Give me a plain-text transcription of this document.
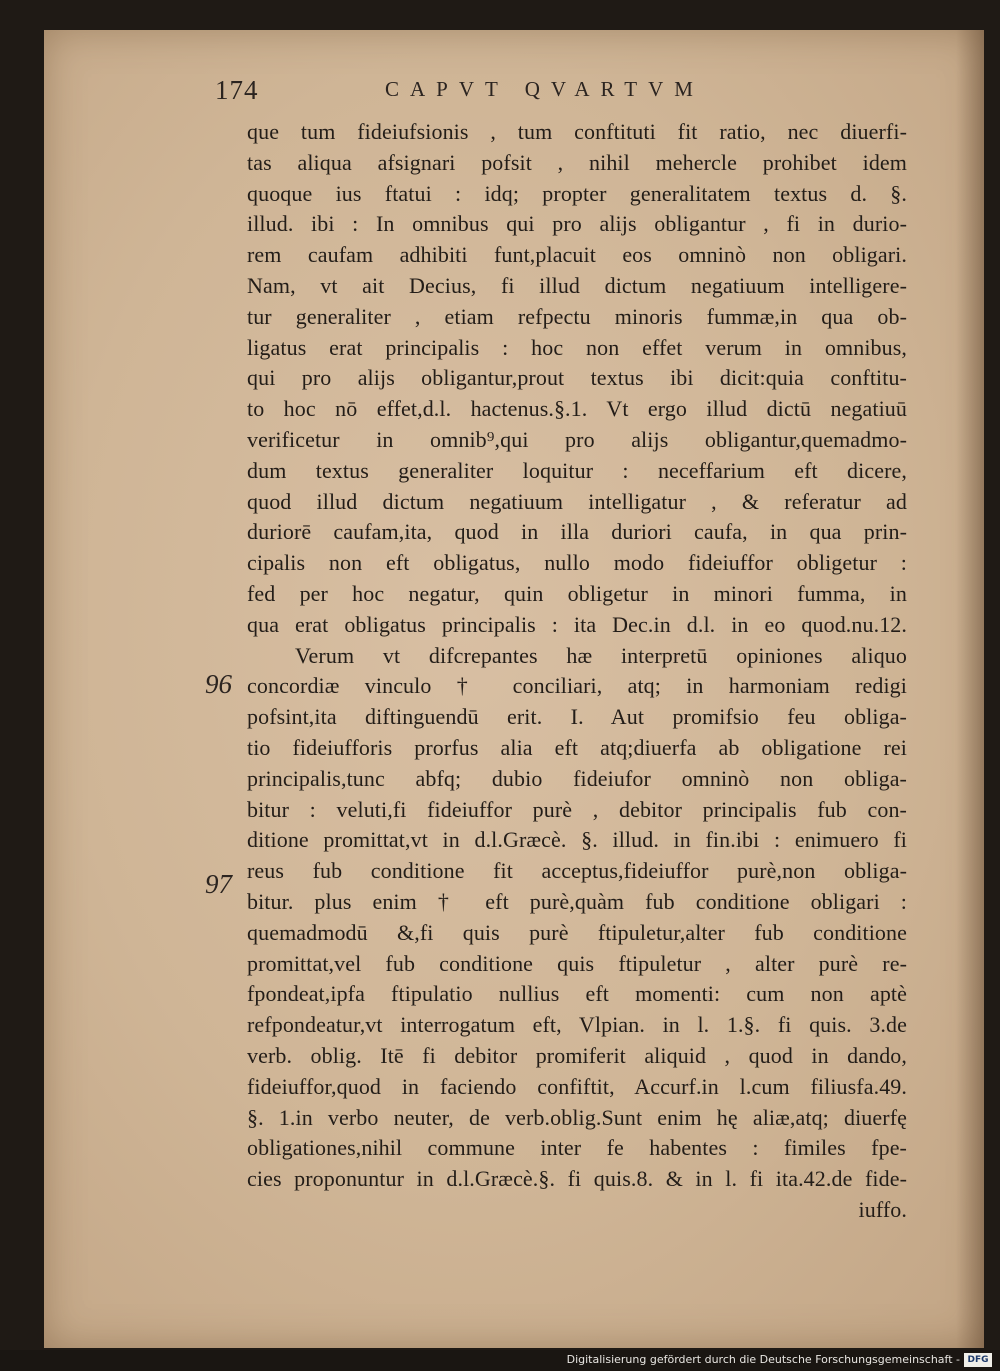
174	CAPVT QVARTVM
96
97
que tum fideiufsionis , tum conftituti fit ratio, nec diuerfi-
tas aliqua afsignari pofsit , nihil mehercle prohibet idem
quoque ius ftatui : idq; propter generalitatem textus d. §.
illud. ibi : In omnibus qui pro alijs obligantur , fi in durio-
rem caufam adhibiti funt,placuit eos omninò non obligari.
Nam, vt ait Decius, fi illud dictum negatiuum intelligere-
tur generaliter , etiam refpectu minoris fummæ,in qua ob-
ligatus erat principalis : hoc non effet verum in omnibus,
qui pro alijs obligantur,prout textus ibi dicit:quia conftitu-
to hoc nō effet,d.l. hactenus.§.1. Vt ergo illud dictū negatiuū
verificetur in omnib⁹,qui pro alijs obligantur,quemadmo-
dum textus generaliter loquitur : neceffarium eft dicere,
quod illud dictum negatiuum intelligatur , & referatur ad
duriorē caufam,ita, quod in illa duriori caufa, in qua prin-
cipalis non eft obligatus, nullo modo fideiuffor obligetur :
fed per hoc negatur, quin obligetur in minori fumma, in
qua erat obligatus principalis : ita Dec.in d.l. in eo quod.nu.12.
Verum vt difcrepantes hæ interpretū opiniones aliquo
concordiæ vinculo † conciliari, atq; in harmoniam redigi
pofsint,ita diftinguendū erit. I. Aut promifsio feu obliga-
tio fideiufforis prorfus alia eft atq;diuerfa ab obligatione rei
principalis,tunc abfq; dubio fideiufor omninò non obliga-
bitur : veluti,fi fideiuffor purè , debitor principalis fub con-
ditione promittat,vt in d.l.Græcè. §. illud. in fin.ibi : enimuero fi
reus fub conditione fit acceptus,fideiuffor purè,non obliga-
bitur. plus enim † eft purè,quàm fub conditione obligari :
quemadmodū &,fi quis purè ftipuletur,alter fub conditione
promittat,vel fub conditione quis ftipuletur , alter purè re-
fpondeat,ipfa ftipulatio nullius eft momenti: cum non aptè
refpondeatur,vt interrogatum eft, Vlpian. in l. 1.§. fi quis. 3.de
verb. oblig. Itē fi debitor promiferit aliquid , quod in dando,
fideiuffor,quod in faciendo confiftit, Accurf.in l.cum filiusfa.49.
§. 1.in verbo neuter, de verb.oblig.Sunt enim hę aliæ,atq; diuerfę
obligationes,nihil commune inter fe habentes : fimiles fpe-
cies proponuntur in d.l.Græcè.§. fi quis.8. & in l. fi ita.42.de fide-
iuffo.
Digitalisierung gefördert durch die Deutsche Forschungsgemeinschaft - DFG
